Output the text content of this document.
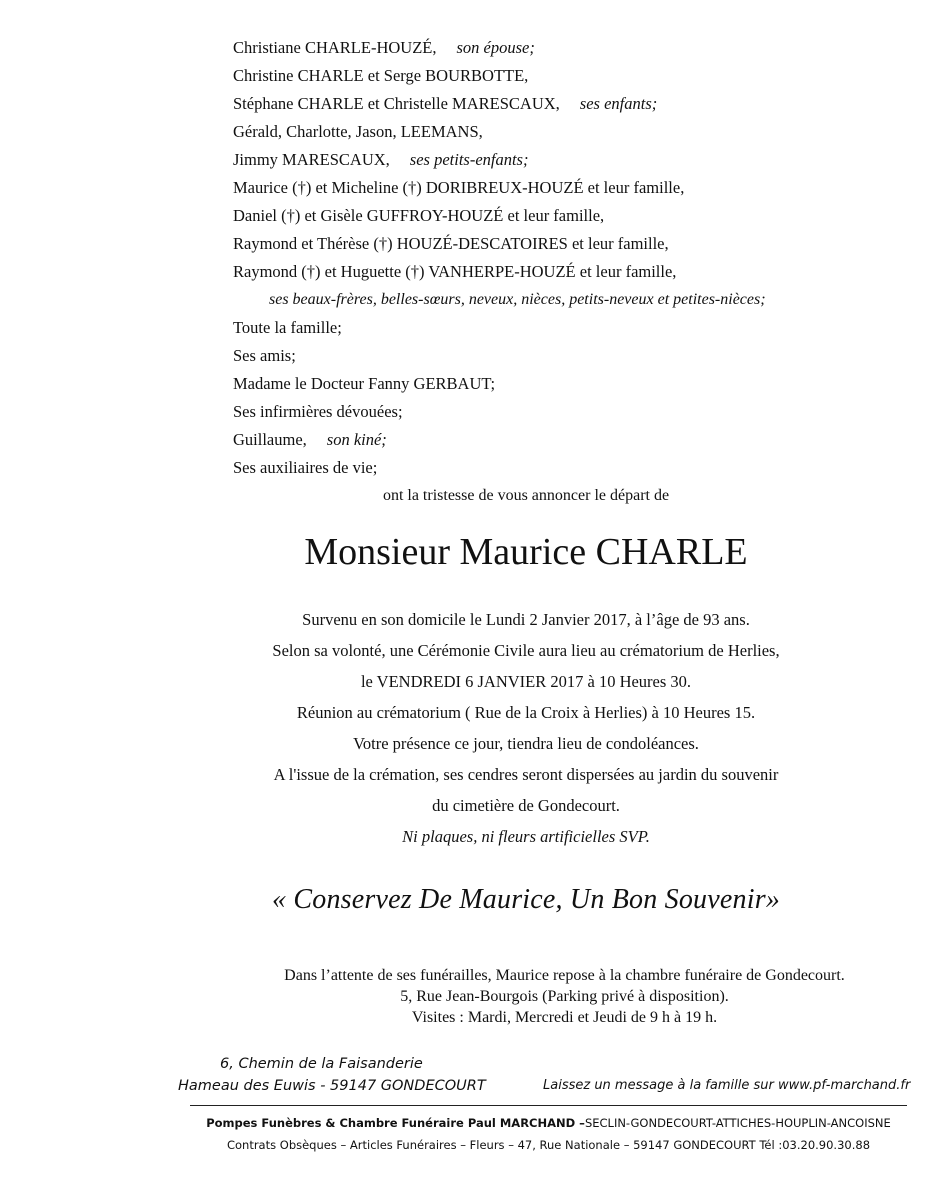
Christiane CHARLE-HOUZÉ, son épouse;
Christine CHARLE et Serge BOURBOTTE,
Stéphane CHARLE et Christelle MARESCAUX, ses enfants;
Gérald, Charlotte, Jason, LEEMANS,
Jimmy MARESCAUX, ses petits-enfants;
Maurice (†) et Micheline (†) DORIBREUX-HOUZÉ et leur famille,
Daniel (†) et Gisèle GUFFROY-HOUZÉ et leur famille,
Raymond et Thérèse (†) HOUZÉ-DESCATOIRES et leur famille,
Raymond (†) et Huguette (†) VANHERPE-HOUZÉ et leur famille,
ses beaux-frères, belles-sœurs, neveux, nièces, petits-neveux et petites-nièces;
Toute la famille;
Ses amis;
Madame le Docteur Fanny GERBAUT;
Ses infirmières dévouées;
Guillaume, son kiné;
Ses auxiliaires de vie;
ont la tristesse de vous annoncer le départ de
Monsieur Maurice CHARLE
Survenu en son domicile le Lundi 2 Janvier 2017, à l’âge de 93 ans.
Selon sa volonté, une Cérémonie Civile aura lieu au crématorium de Herlies,
le VENDREDI 6 JANVIER 2017 à 10 Heures 30.
Réunion au crématorium ( Rue de la Croix à Herlies) à 10 Heures 15.
Votre présence ce jour, tiendra lieu de condoléances.
A l'issue de la crémation, ses cendres seront dispersées au jardin du souvenir
du cimetière de Gondecourt.
Ni plaques, ni fleurs artificielles SVP.
« Conservez De Maurice, Un Bon Souvenir»
Dans l’attente de ses funérailles, Maurice repose à la chambre funéraire de Gondecourt.
5, Rue Jean-Bourgois (Parking privé à disposition).
Visites : Mardi, Mercredi et Jeudi de 9 h à 19 h.
6, Chemin de la Faisanderie
Hameau des Euwis - 59147 GONDECOURT	Laissez un message à la famille sur www.pf-marchand.fr
Pompes Funèbres & Chambre Funéraire Paul MARCHAND –SECLIN-GONDECOURT-ATTICHES-HOUPLIN-ANCOISNE
Contrats Obsèques – Articles Funéraires – Fleurs – 47, Rue Nationale – 59147 GONDECOURT Tél :03.20.90.30.88
